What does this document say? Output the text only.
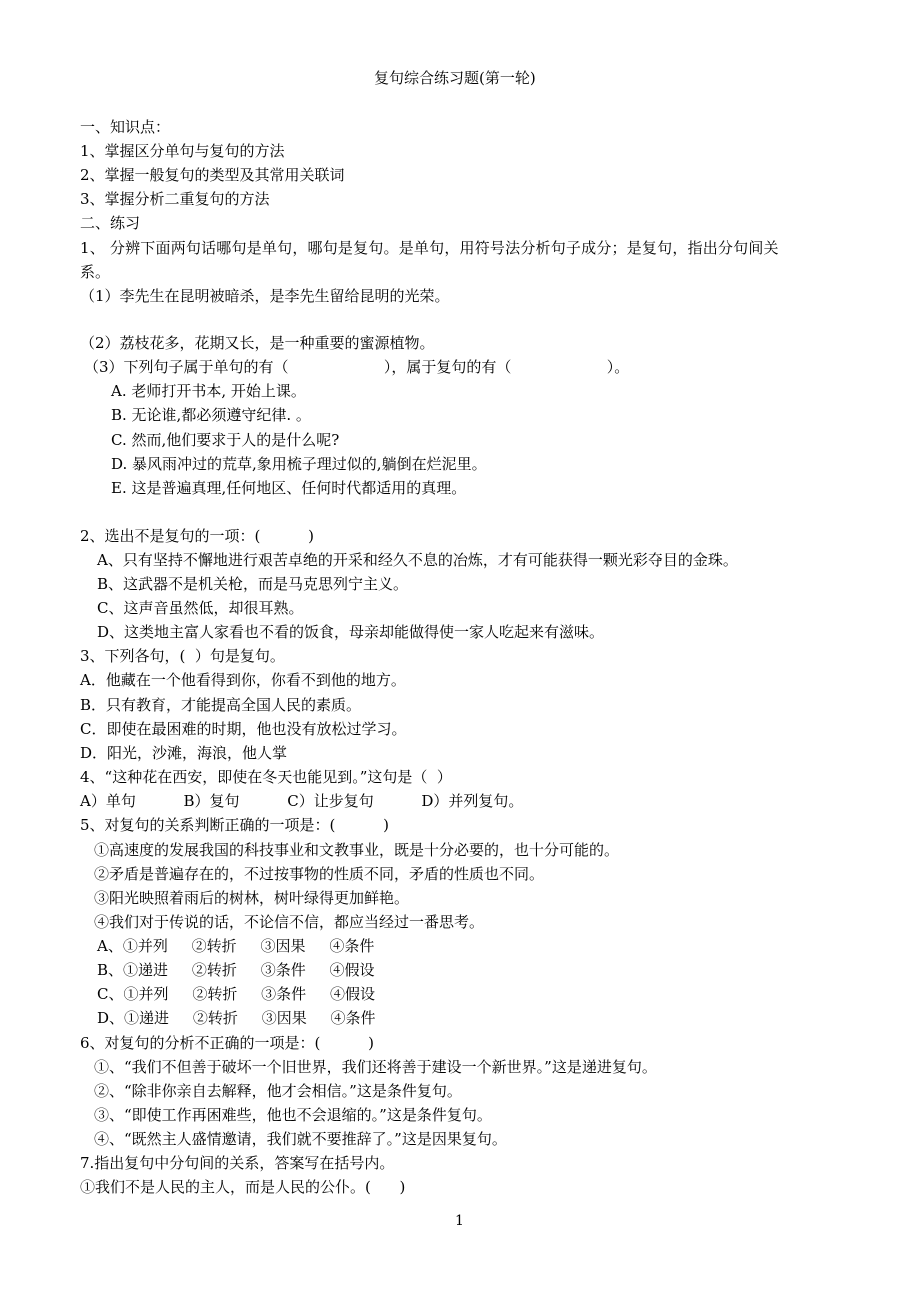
复句综合练习题(第一轮)
一、知识点：
1、掌握区分单句与复句的方法
2、掌握一般复句的类型及其常用关联词
3、掌握分析二重复句的方法
二、练习
1、 分辨下面两句话哪句是单句，哪句是复句。是单句，用符号法分析句子成分；是复句，指出分句间关
系。
（1）李先生在昆明被暗杀，是李先生留给昆明的光荣。
（2）荔枝花多，花期又长，是一种重要的蜜源植物。
（3）下列句子属于单句的有（                    ），属于复句的有（                    ）。
A. 老师打开书本, 开始上课。
B. 无论谁,都必须遵守纪律. 。
C. 然而,他们要求于人的是什么呢?
D. 暴风雨冲过的荒草,象用梳子理过似的,躺倒在烂泥里。
E. 这是普遍真理,任何地区、任何时代都适用的真理。
2、选出不是复句的一项：(          )
A、只有坚持不懈地进行艰苦卓绝的开采和经久不息的冶炼，才有可能获得一颗光彩夺目的金珠。
B、这武器不是机关枪，而是马克思列宁主义。
C、这声音虽然低，却很耳熟。
D、这类地主富人家看也不看的饭食，母亲却能做得使一家人吃起来有滋味。
3、下列各句，(  ）句是复句。
A．他藏在一个他看得到你，你看不到他的地方。
B．只有教育，才能提高全国人民的素质。
C．即使在最困难的时期，他也没有放松过学习。
D．阳光，沙滩，海浪，他人掌
4、“这种花在西安，即使在冬天也能见到。”这句是（  ）
A）单句          B）复句          C）让步复句          D）并列复句。
5、对复句的关系判断正确的一项是：(          )
①高速度的发展我国的科技事业和文教事业，既是十分必要的，也十分可能的。
②矛盾是普遍存在的，不过按事物的性质不同，矛盾的性质也不同。
③阳光映照着雨后的树林，树叶绿得更加鲜艳。
④我们对于传说的话，不论信不信，都应当经过一番思考。
A、①并列     ②转折     ③因果     ④条件
B、①递进     ②转折     ③条件     ④假设
C、①并列     ②转折     ③条件     ④假设
D、①递进     ②转折     ③因果     ④条件
6、对复句的分析不正确的一项是：(          )
①、“我们不但善于破坏一个旧世界，我们还将善于建设一个新世界。”这是递进复句。
②、“除非你亲自去解释，他才会相信。”这是条件复句。
③、“即使工作再困难些，他也不会退缩的。”这是条件复句。
④、“既然主人盛情邀请，我们就不要推辞了。”这是因果复句。
7.指出复句中分句间的关系，答案写在括号内。
①我们不是人民的主人，而是人民的公仆。(      )
1
